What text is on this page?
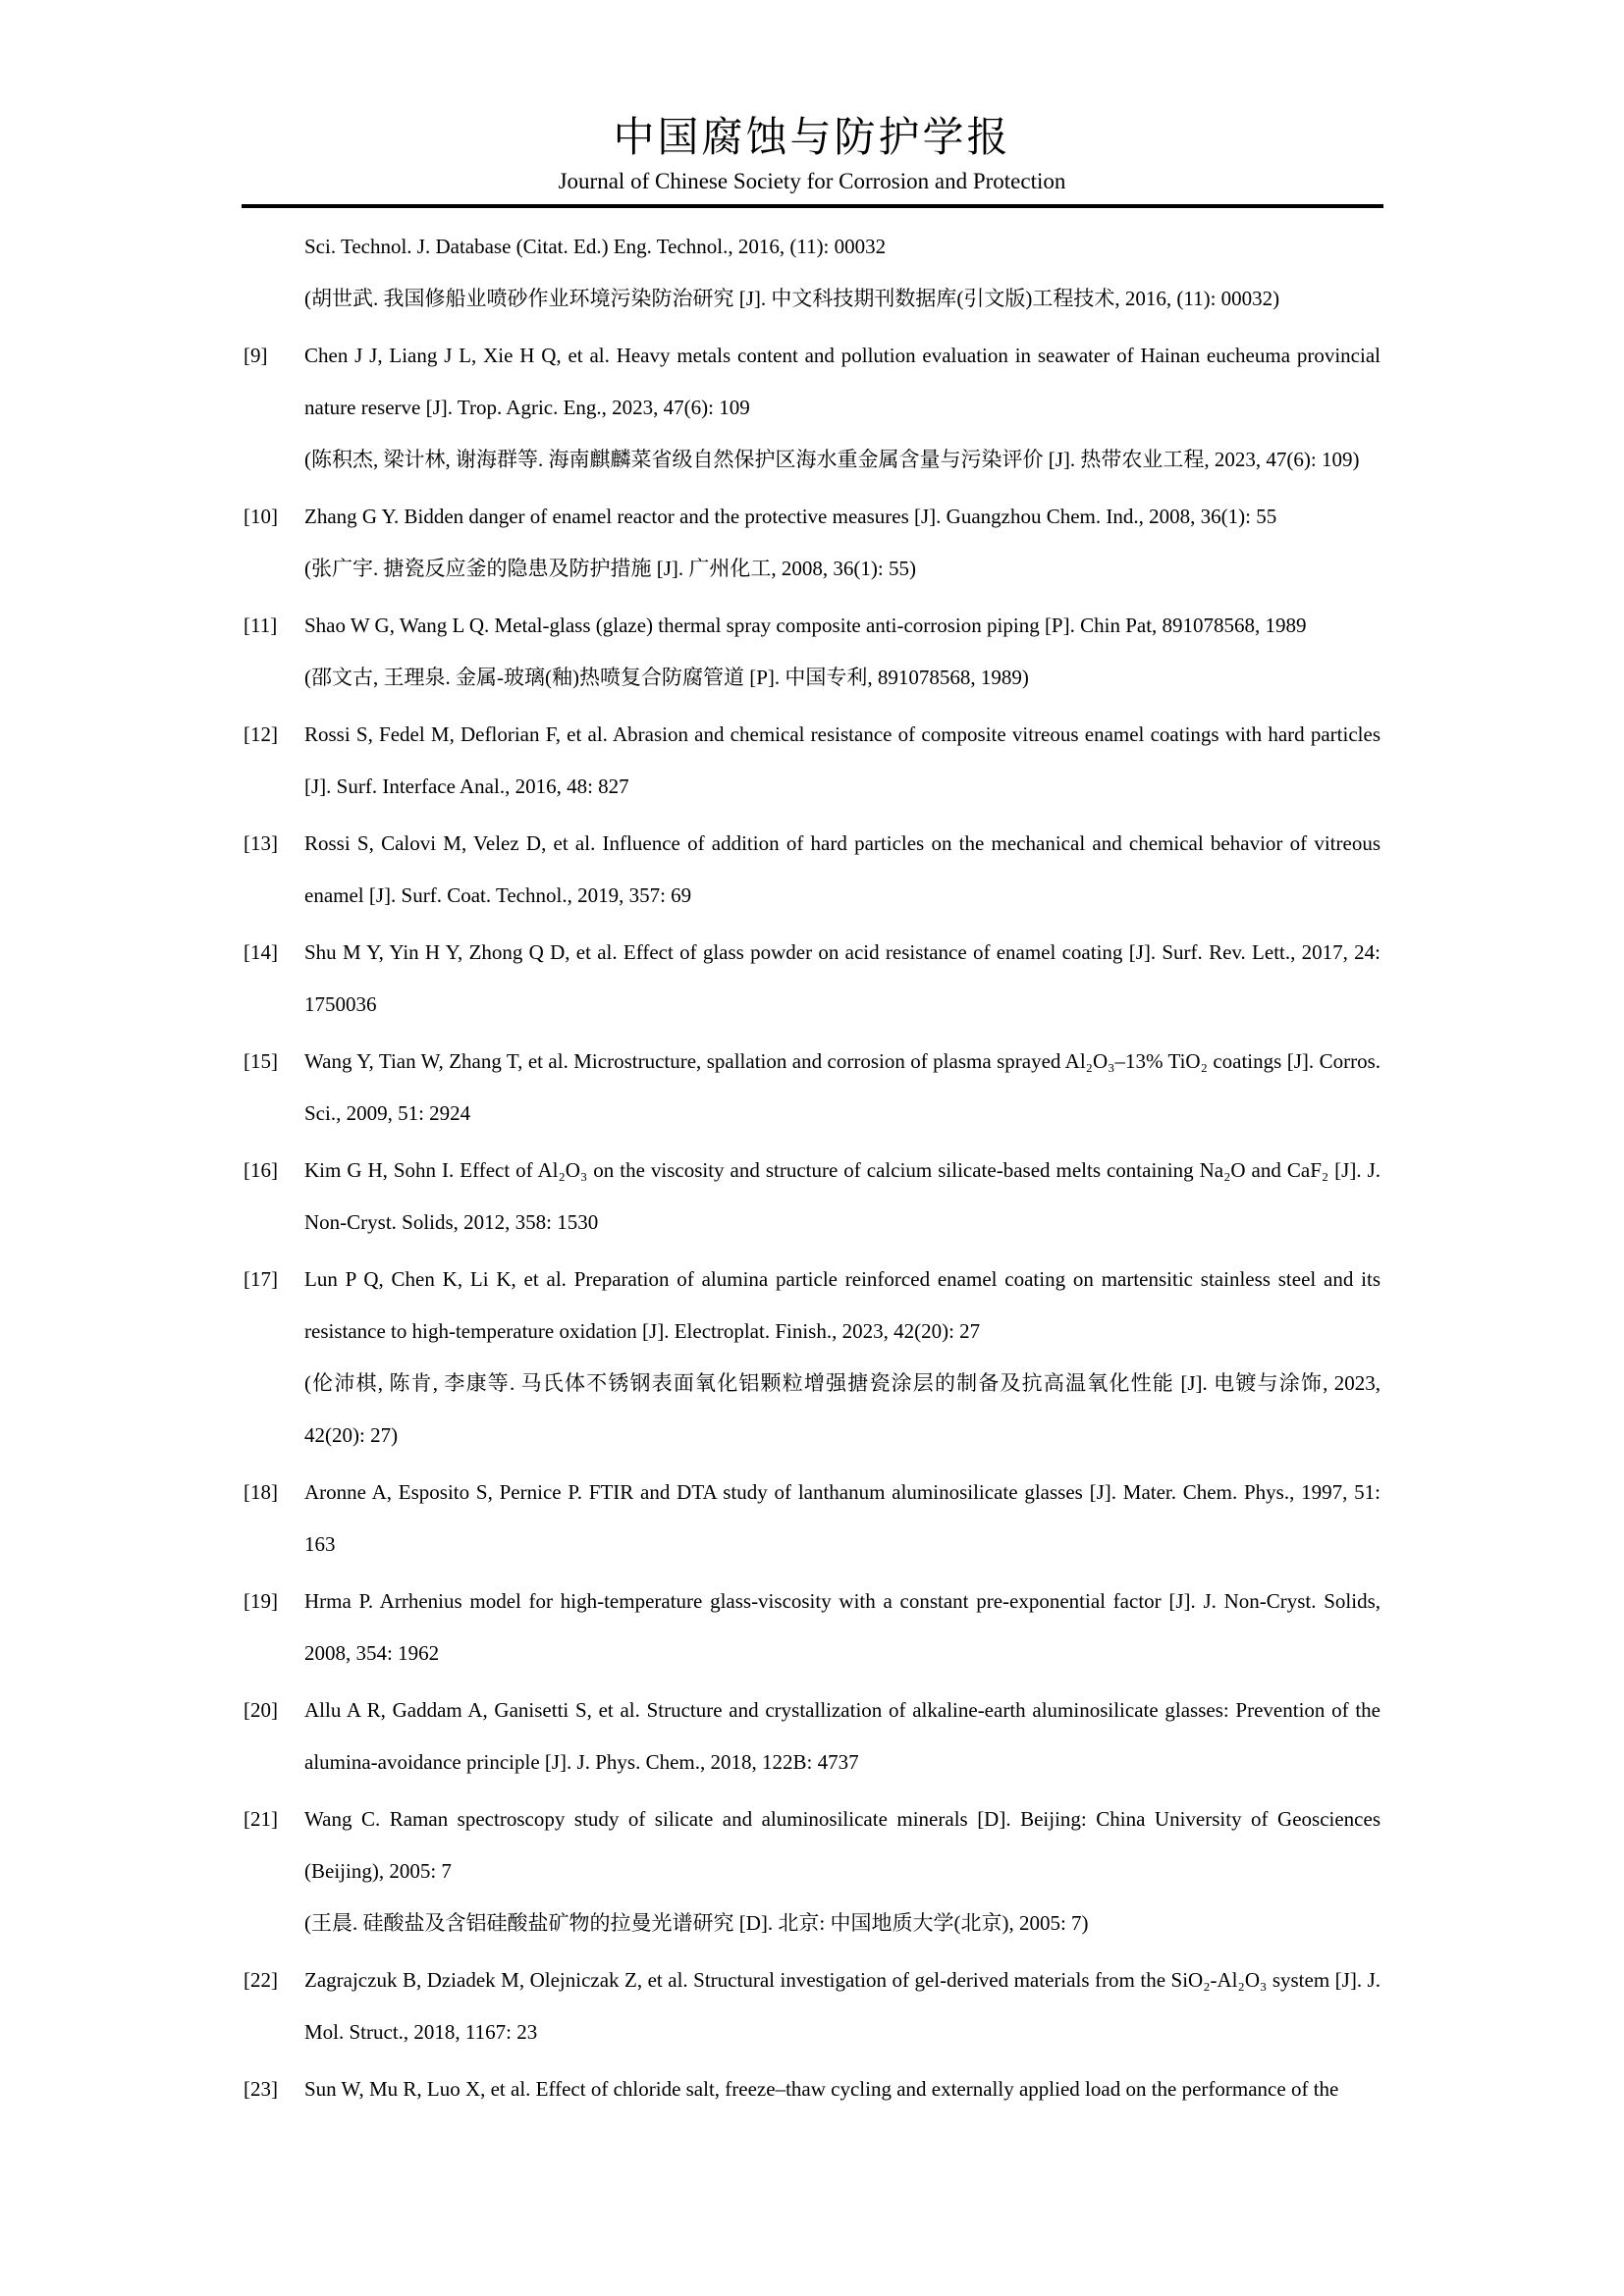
中国腐蚀与防护学报
Journal of Chinese Society for Corrosion and Protection

Sci. Technol. J. Database (Citat. Ed.) Eng. Technol., 2016, (11): 00032

(胡世武. 我国修船业喷砂作业环境污染防治研究 [J]. 中文科技期刊数据库(引文版)工程技术, 2016, (11): 00032)

[9] Chen J J, Liang J L, Xie H Q, et al. Heavy metals content and pollution evaluation in seawater of Hainan eucheuma provincial nature reserve [J]. Trop. Agric. Eng., 2023, 47(6): 109

(陈积杰, 梁计林, 谢海群等. 海南麒麟菜省级自然保护区海水重金属含量与污染评价 [J]. 热带农业工程, 2023, 47(6): 109)

[10] Zhang G Y. Bidden danger of enamel reactor and the protective measures [J]. Guangzhou Chem. Ind., 2008, 36(1): 55

(张广宇. 搪瓷反应釜的隐患及防护措施 [J]. 广州化工, 2008, 36(1): 55)

[11] Shao W G, Wang L Q. Metal-glass (glaze) thermal spray composite anti-corrosion piping [P]. Chin Pat, 891078568, 1989

(邵文古, 王理泉. 金属-玻璃(釉)热喷复合防腐管道 [P]. 中国专利, 891078568, 1989)

[12] Rossi S, Fedel M, Deflorian F, et al. Abrasion and chemical resistance of composite vitreous enamel coatings with hard particles [J]. Surf. Interface Anal., 2016, 48: 827

[13] Rossi S, Calovi M, Velez D, et al. Influence of addition of hard particles on the mechanical and chemical behavior of vitreous enamel [J]. Surf. Coat. Technol., 2019, 357: 69

[14] Shu M Y, Yin H Y, Zhong Q D, et al. Effect of glass powder on acid resistance of enamel coating [J]. Surf. Rev. Lett., 2017, 24: 1750036

[15] Wang Y, Tian W, Zhang T, et al. Microstructure, spallation and corrosion of plasma sprayed Al₂O₃–13% TiO₂ coatings [J]. Corros. Sci., 2009, 51: 2924

[16] Kim G H, Sohn I. Effect of Al₂O₃ on the viscosity and structure of calcium silicate-based melts containing Na₂O and CaF₂ [J]. J. Non-Cryst. Solids, 2012, 358: 1530

[17] Lun P Q, Chen K, Li K, et al. Preparation of alumina particle reinforced enamel coating on martensitic stainless steel and its resistance to high-temperature oxidation [J]. Electroplat. Finish., 2023, 42(20): 27

(伦沛棋, 陈肯, 李康等. 马氏体不锈钢表面氧化铝颗粒增强搪瓷涂层的制备及抗高温氧化性能 [J]. 电镀与涂饰, 2023, 42(20): 27)

[18] Aronne A, Esposito S, Pernice P. FTIR and DTA study of lanthanum aluminosilicate glasses [J]. Mater. Chem. Phys., 1997, 51: 163

[19] Hrma P. Arrhenius model for high-temperature glass-viscosity with a constant pre-exponential factor [J]. J. Non-Cryst. Solids, 2008, 354: 1962

[20] Allu A R, Gaddam A, Ganisetti S, et al. Structure and crystallization of alkaline-earth aluminosilicate glasses: Prevention of the alumina-avoidance principle [J]. J. Phys. Chem., 2018, 122B: 4737

[21] Wang C. Raman spectroscopy study of silicate and aluminosilicate minerals [D]. Beijing: China University of Geosciences (Beijing), 2005: 7

(王晨. 硅酸盐及含铝硅酸盐矿物的拉曼光谱研究 [D]. 北京: 中国地质大学(北京), 2005: 7)

[22] Zagrajczuk B, Dziadek M, Olejniczak Z, et al. Structural investigation of gel-derived materials from the SiO₂-Al₂O₃ system [J]. J. Mol. Struct., 2018, 1167: 23

[23] Sun W, Mu R, Luo X, et al. Effect of chloride salt, freeze–thaw cycling and externally applied load on the performance of the
